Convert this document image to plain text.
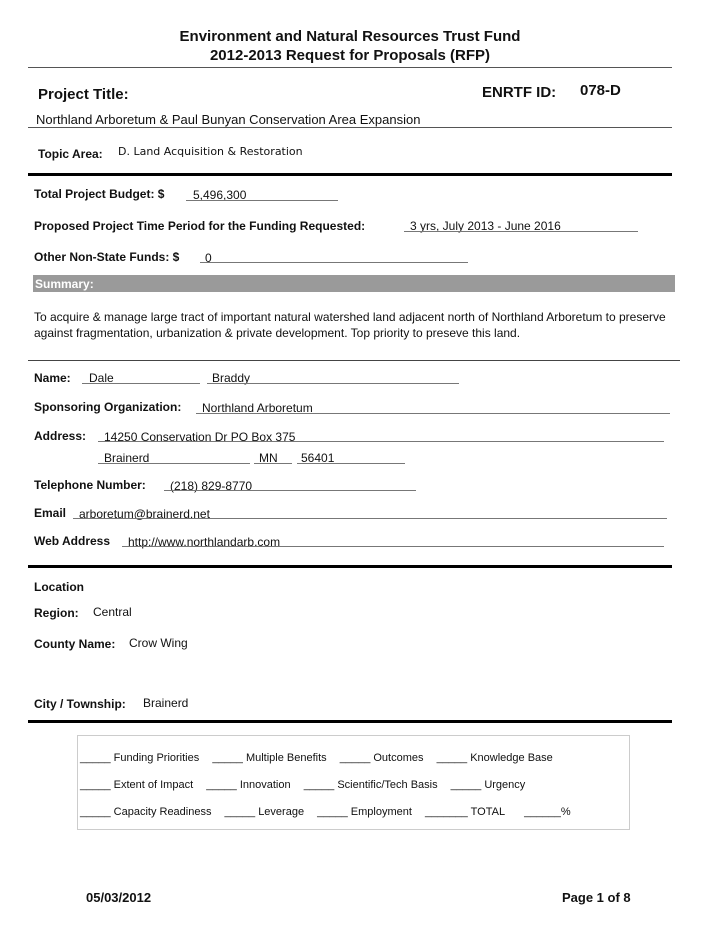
Environment and Natural Resources Trust Fund
2012-2013 Request for Proposals (RFP)
Project Title:	ENRTF ID: 078-D
Northland Arboretum & Paul Bunyan Conservation Area Expansion
Topic Area: D. Land Acquisition & Restoration
Total Project Budget: $ 5,496,300
Proposed Project Time Period for the Funding Requested:	3 yrs, July 2013 - June 2016
Other Non-State Funds: $ 0
Summary:
To acquire & manage large tract of important natural watershed land adjacent north of Northland Arboretum to preserve against fragmentation, urbanization & private development. Top priority to preseve this land.
Name: Dale	Braddy
Sponsoring Organization: Northland Arboretum
Address: 14250 Conservation Dr PO Box 375
Brainerd	MN 56401
Telephone Number: (218) 829-8770
Email arboretum@brainerd.net
Web Address http://www.northlandarb.com
Location
Region: Central
County Name: Crow Wing
City / Township: Brainerd
_____ Funding Priorities _____ Multiple Benefits _____ Outcomes _____ Knowledge Base
_____ Extent of Impact _____ Innovation _____ Scientific/Tech Basis _____ Urgency
_____ Capacity Readiness _____ Leverage _____ Employment _______ TOTAL ______%
05/03/2012	Page 1 of 8
